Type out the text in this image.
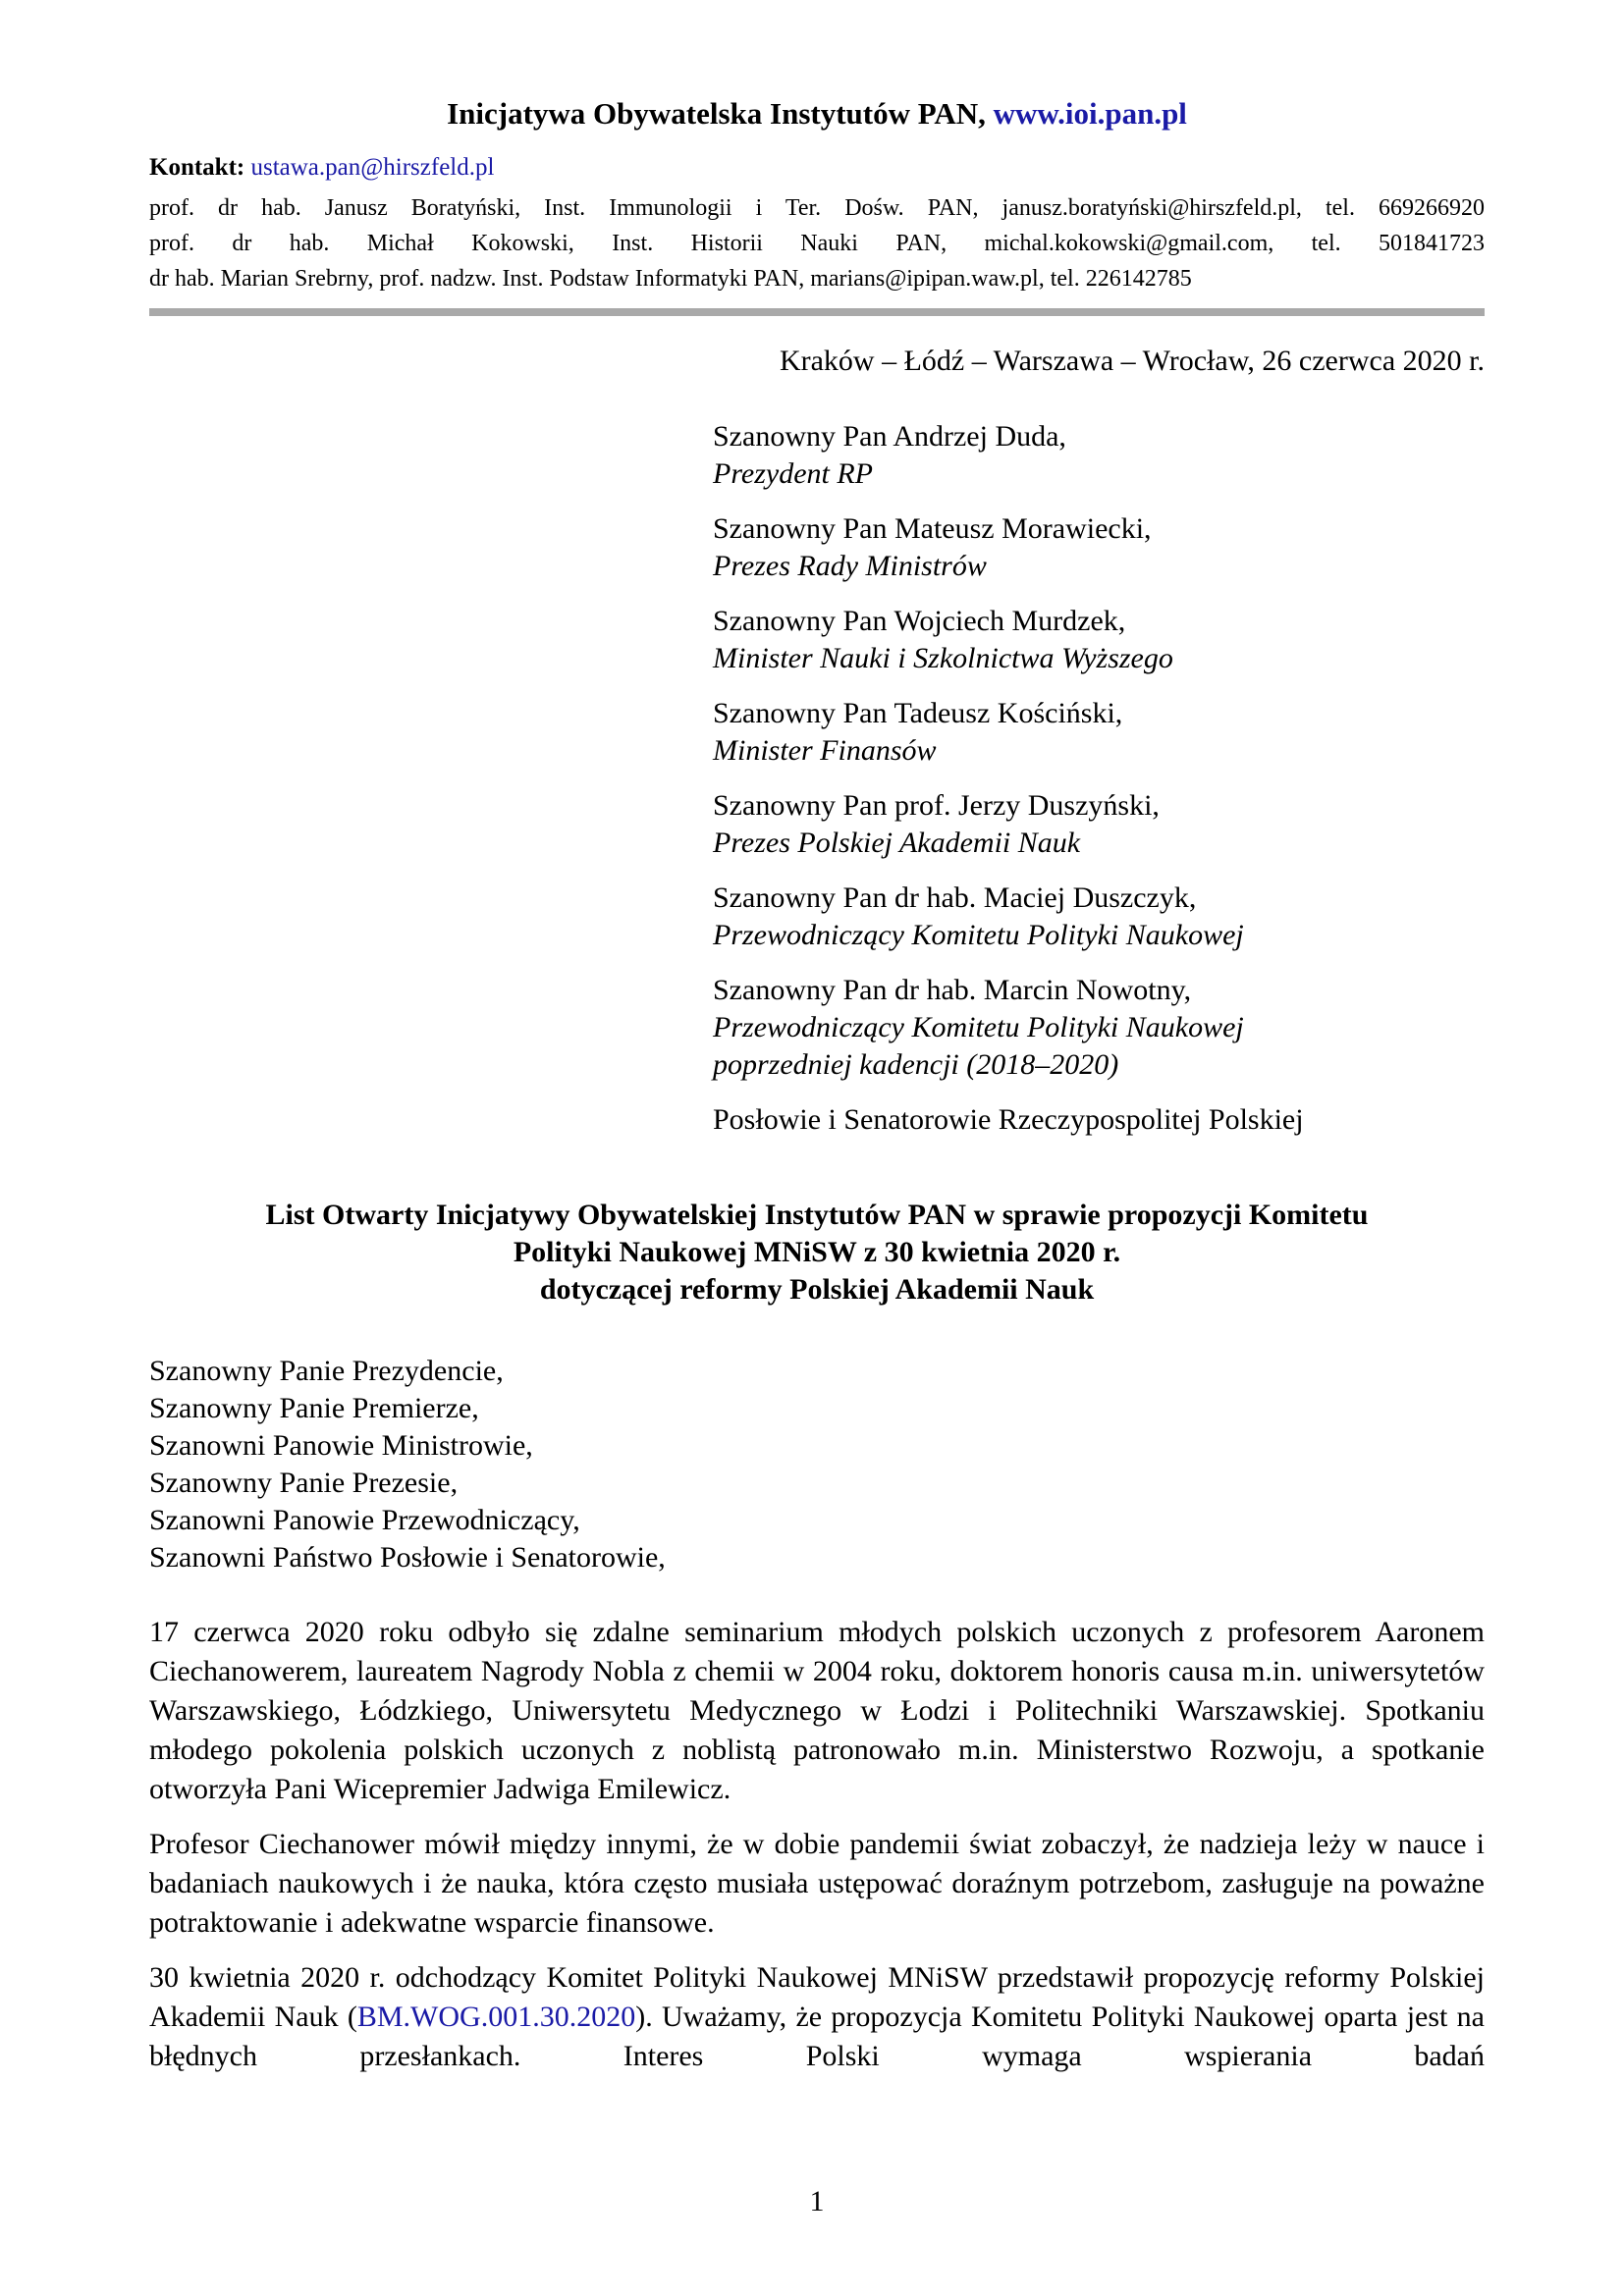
Inicjatywa Obywatelska Instytutów PAN, www.ioi.pan.pl
Kontakt: ustawa.pan@hirszfeld.pl
prof. dr hab. Janusz Boratyński, Inst. Immunologii i Ter. Dośw. PAN, janusz.boratyński@hirszfeld.pl, tel. 669266920
prof. dr hab. Michał Kokowski, Inst. Historii Nauki PAN, michal.kokowski@gmail.com, tel. 501841723
dr hab. Marian Srebrny, prof. nadzw. Inst. Podstaw Informatyki PAN, marians@ipipan.waw.pl, tel. 226142785
Kraków – Łódź – Warszawa – Wrocław, 26 czerwca 2020 r.
Szanowny Pan Andrzej Duda,
Prezydent RP
Szanowny Pan Mateusz Morawiecki,
Prezes Rady Ministrów
Szanowny Pan Wojciech Murdzek,
Minister Nauki i Szkolnictwa Wyższego
Szanowny Pan Tadeusz Kościński,
Minister Finansów
Szanowny Pan prof. Jerzy Duszyński,
Prezes Polskiej Akademii Nauk
Szanowny Pan dr hab. Maciej Duszczyk,
Przewodniczący Komitetu Polityki Naukowej
Szanowny Pan dr hab. Marcin Nowotny,
Przewodniczący Komitetu Polityki Naukowej
poprzedniej kadencji (2018–2020)
Posłowie i Senatorowie Rzeczypospolitej Polskiej
List Otwarty Inicjatywy Obywatelskiej Instytutów PAN w sprawie propozycji Komitetu
Polityki Naukowej MNiSW z 30 kwietnia 2020 r.
dotyczącej reformy Polskiej Akademii Nauk
Szanowny Panie Prezydencie,
Szanowny Panie Premierze,
Szanowni Panowie Ministrowie,
Szanowny Panie Prezesie,
Szanowni Panowie Przewodniczący,
Szanowni Państwo Posłowie i Senatorowie,

17 czerwca 2020 roku odbyło się zdalne seminarium młodych polskich uczonych z profesorem Aaronem Ciechanowerem, laureatem Nagrody Nobla z chemii w 2004 roku, doktorem honoris causa m.in. uniwersytetów Warszawskiego, Łódzkiego, Uniwersytetu Medycznego w Łodzi i Politechniki Warszawskiej. Spotkaniu młodego pokolenia polskich uczonych z noblistą patronowało m.in. Ministerstwo Rozwoju, a spotkanie otworzyła Pani Wicepremier Jadwiga Emilewicz.

Profesor Ciechanower mówił między innymi, że w dobie pandemii świat zobaczył, że nadzieja leży w nauce i badaniach naukowych i że nauka, która często musiała ustępować doraźnym potrzebom, zasługuje na poważne potraktowanie i adekwatne wsparcie finansowe.

30 kwietnia 2020 r. odchodzący Komitet Polityki Naukowej MNiSW przedstawił propozycję reformy Polskiej Akademii Nauk (BM.WOG.001.30.2020). Uważamy, że propozycja Komitetu Polityki Naukowej oparta jest na błędnych przesłankach. Interes Polski wymaga wspierania badań

1
